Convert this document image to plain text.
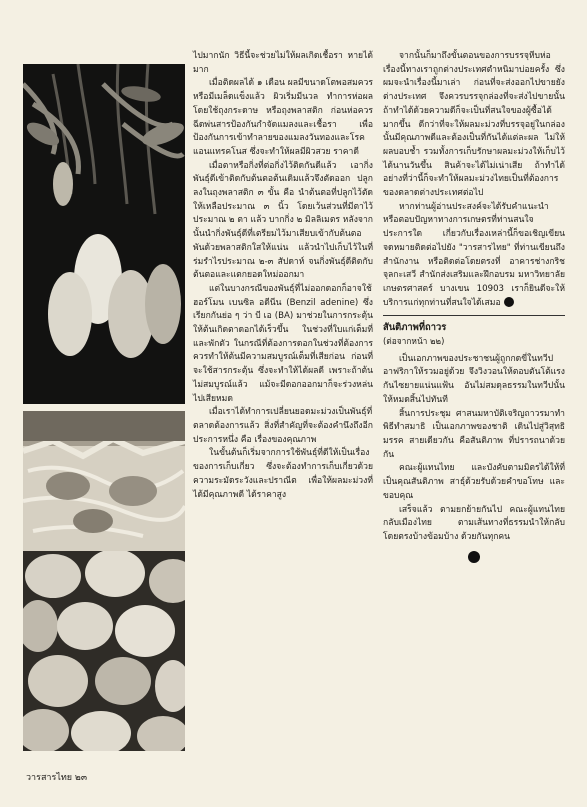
ไปมากนัก วิธีนี้จะช่วยไม่ให้ผลเกิดเชื้อรา หายได้มาก

เมื่อติดผลได้ ๑ เดือน ผลมีขนาดโตพอสมควร หรือมีเมล็ดแข็งแล้ว ผิวเริ่มมีนวล ทำการห่อผลโดยใช้ถุงกระดาษ หรือถุงพลาสติก ก่อนห่อควรฉีดพ่นสารป้องกันกำจัดแมลงและเชื้อรา เพื่อป้องกันการเข้าทำลายของแมลงวันทองและโรคแอนแทรคโนส ซึ่งจะทำให้ผลมีผิวสวย ราคาดี

เมื่อตาหรือกิ่งที่ต่อกิ่งไว้ติดกันดีแล้ว เอากิ่งพันธุ์ดีเข้าติดกับต้นตอต้นเดิมแล้วจึงตัดออก ปลูกลงในถุงพลาสติก ๓ ขั้น คือ นำต้นตอที่ปลูกไว้ตัดให้เหลือประมาณ ๓ นิ้ว โดยเว้นส่วนที่มีตาไว้ประมาณ ๒ ตา แล้ว บากกิ่ง ๒ มิลลิเมตร หลังจากนั้นนำกิ่งพันธุ์ดีที่เตรียมไว้มาเสียบเข้ากับต้นตอ พันด้วยพลาสติกใสให้แน่น แล้วนำไปเก็บไว้ในที่ร่มรำไรประมาณ ๒-๓ สัปดาห์ จนกิ่งพันธุ์ดีติดกับต้นตอและแตกยอดใหม่ออกมา

แต่ในบางกรณีของพันธุ์ที่ไม่ออกดอกก็อาจใช้ฮอร์โมน เบนซิล อดีนีน (Benzil adenine) ซึ่งเรียกกันย่อ ๆ ว่า บี เอ (BA) มาช่วยในการกระตุ้นให้ต้นเกิดตาดอกได้เร็วขึ้น ในช่วงที่ใบแก่เต็มที่และพักตัว ในกรณีที่ต้องการดอกในช่วงที่ต้องการ ควรทำให้ต้นมีความสมบูรณ์เต็มที่เสียก่อน ก่อนที่จะใช้สารกระตุ้น ซึ่งจะทำให้ได้ผลดี เพราะถ้าต้นไม่สมบูรณ์แล้ว แม้จะมีดอกออกมาก็จะร่วงหล่นไปเสียหมด

เมื่อเราได้ทำการเปลี่ยนยอดมะม่วงเป็นพันธุ์ที่ตลาดต้องการแล้ว สิ่งที่สำคัญที่จะต้องคำนึงถึงอีกประการหนึ่ง คือ เรื่องของคุณภาพ

ในขั้นต้นก็เริ่มจากการใช้พันธุ์ที่ดีให้เป็นเรื่องของการเก็บเกี่ยว ซึ่งจะต้องทำการเก็บเกี่ยวด้วยความระมัดระวังและปราณีต เพื่อให้ผลมะม่วงที่ได้มีคุณภาพดี ได้ราคาสูง

จากนั้นก็มาถึงขั้นตอนของการบรรจุหีบห่อ เรื่องนี้ทางเราถูกต่างประเทศตำหนิมาบ่อยครั้ง ซึ่งผมจะนำเรื่องนี้มาเล่า ก่อนที่จะส่งออกไปขายยังต่างประเทศ จึงควรบรรจุกล่องที่จะส่งไปขายนั้นถ้าทำได้ด้วยความดีก็จะเป็นที่สนใจของผู้ซื้อได้มากขึ้น ดีกว่าที่จะให้ผลมะม่วงที่บรรจุอยู่ในกล่องนั้นมีคุณภาพดีและต้องเป็นที่กันได้แต่ละผล ไม่ให้ผลบอบช้ำ รวมทั้งการเก็บรักษาผลมะม่วงให้เก็บไว้ได้นานวันขึ้น สินค้าจะได้ไม่เน่าเสีย ถ้าทำได้อย่างที่ว่านี้ก็จะทำให้ผลมะม่วงไทยเป็นที่ต้องการของตลาดต่างประเทศต่อไป

หากท่านผู้อ่านประสงค์จะได้รับคำแนะนำ หรือตอบปัญหาทางการเกษตรที่ท่านสนใจ ประการใด เกี่ยวกับเรื่องเหล่านี้ก็ขอเชิญเขียนจดหมายติดต่อไปยัง "วารสารไทย" ที่ท่านเขียนถึงสำนักงาน หรือติดต่อโดยตรงที่ อาคารช่างกริช จุลกะเสวี สำนักส่งเสริมและฝึกอบรม มหาวิทยาลัยเกษตรศาสตร์ บางเขน 10903 เราก็ยินดีจะให้บริการแก่ทุกท่านที่สนใจได้เสมอ

สันติภาพที่ถาวร
(ต่อจากหน้า ๒๒)

เป็นเอกภาพของประชาชนผู้ถูกกดขี่ในทวีปอาฟริกาให้รวมอยู่ด้วย จึงวิงวอนให้ตอบตันโต้แรงกันไซยายแน่นแฟ้น อันไม่สมดุลธรรมในทวีปนั้น ให้หมดสิ้นไปทันที

สิ้นการประชุม ศาสนมหาบัติเจริญถาวรมาทำพิธีทำสมาธิ เป็นเอกภาพของชาติ เดินไปสู่วิสุทธิมรรค สายเดียวกัน คือสันติภาพ ที่ปรารถนาด้วยกัน

คณะผู้แทนไทย และบังคับตามมิตรได้ให้ที่เป็นคุณสันติภาพ สาธุ์ด้วยรับด้วยคำขอโทษ และขอบคุณ

เสร็จแล้ว ตามยกย้ายกันไป คณะผู้แทนไทยกลับเมืองไทย ตามเส้นทางที่ธรรมนำให้กลับ โดยตรงบ้างข้อมบ้าง ด้วยกันทุกคน

วารสารไทย ๒๓
